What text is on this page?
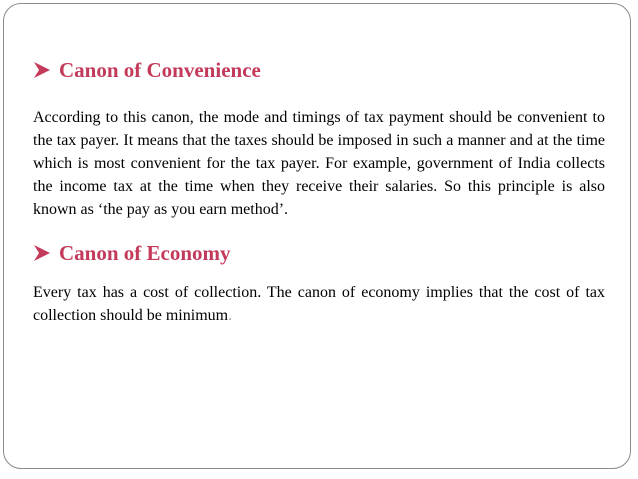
Canon of Convenience
According to this canon, the mode and timings of tax payment should be convenient to the tax payer. It means that the taxes should be imposed in such a manner and at the time which is most convenient for the tax payer. For example, government of India collects the income tax at the time when they receive their salaries. So this principle is also known as ‘the pay as you earn method’.
Canon of Economy
Every tax has a cost of collection. The canon of economy implies that the cost of tax collection should be minimum.
